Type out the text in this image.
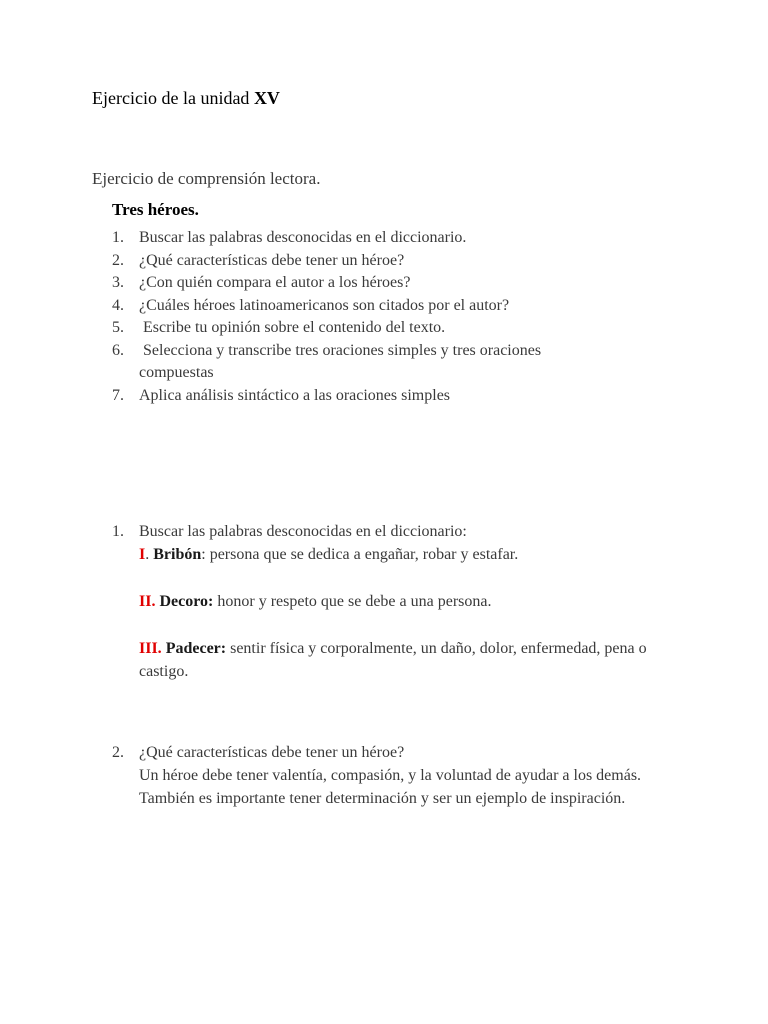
Ejercicio de la unidad XV
Ejercicio de comprensión lectora.
Tres héroes.
1. Buscar las palabras desconocidas en el diccionario.
2. ¿Qué características debe tener un héroe?
3. ¿Con quién compara el autor a los héroes?
4. ¿Cuáles héroes latinoamericanos son citados por el autor?
5. Escribe tu opinión sobre el contenido del texto.
6. Selecciona y transcribe tres oraciones simples y tres oraciones compuestas
7. Aplica análisis sintáctico a las oraciones simples
1. Buscar las palabras desconocidas en el diccionario:
I. Bribón: persona que se dedica a engañar, robar y estafar.
II. Decoro: honor y respeto que se debe a una persona.
III. Padecer: sentir física y corporalmente, un daño, dolor, enfermedad, pena o castigo.
2. ¿Qué características debe tener un héroe?
Un héroe debe tener valentía, compasión, y la voluntad de ayudar a los demás. También es importante tener determinación y ser un ejemplo de inspiración.
